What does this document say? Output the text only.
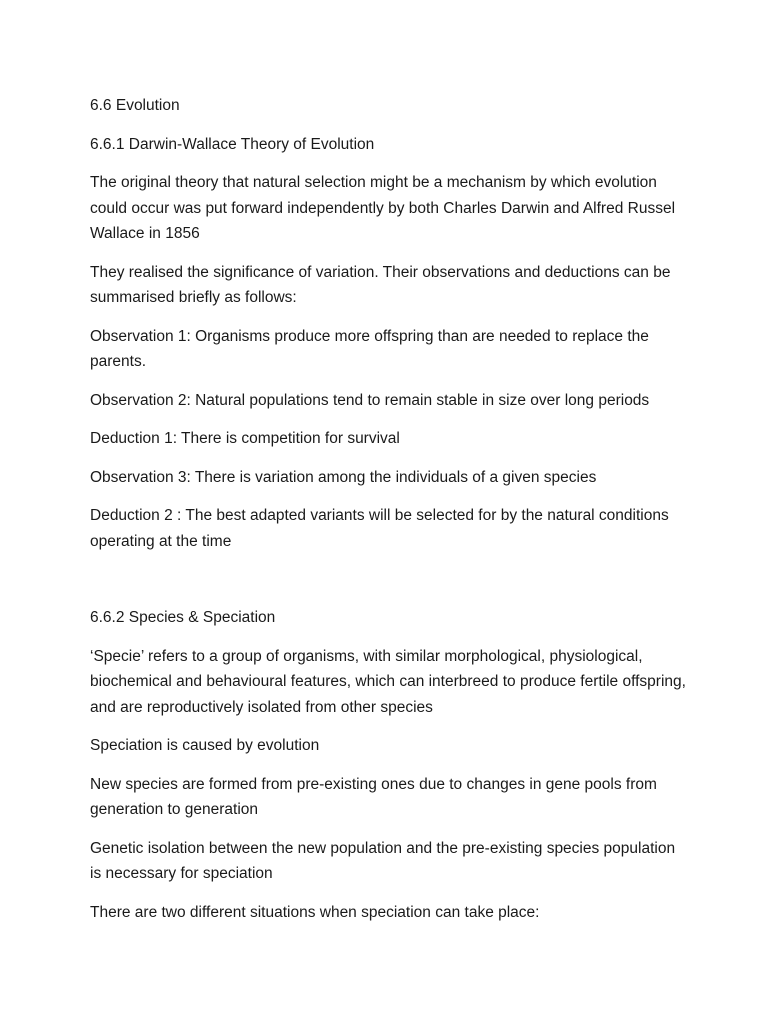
6.6 Evolution

6.6.1 Darwin-Wallace Theory of Evolution

The original theory that natural selection might be a mechanism by which evolution could occur was put forward independently by both Charles Darwin and Alfred Russel Wallace in 1856

They realised the significance of variation. Their observations and deductions can be summarised briefly as follows:

Observation 1: Organisms produce more offspring than are needed to replace the parents.

Observation 2: Natural populations tend to remain stable in size over long periods

Deduction 1: There is competition for survival

Observation 3: There is variation among the individuals of a given species

Deduction 2 : The best adapted variants will be selected for by the natural conditions operating at the time

6.6.2 Species & Speciation

‘Specie’ refers to a group of organisms, with similar morphological, physiological, biochemical and behavioural features, which can interbreed to produce fertile offspring, and are reproductively isolated from other species

Speciation is caused by evolution

New species are formed from pre-existing ones due to changes in gene pools from generation to generation

Genetic isolation between the new population and the pre-existing species population is necessary for speciation

There are two different situations when speciation can take place:
